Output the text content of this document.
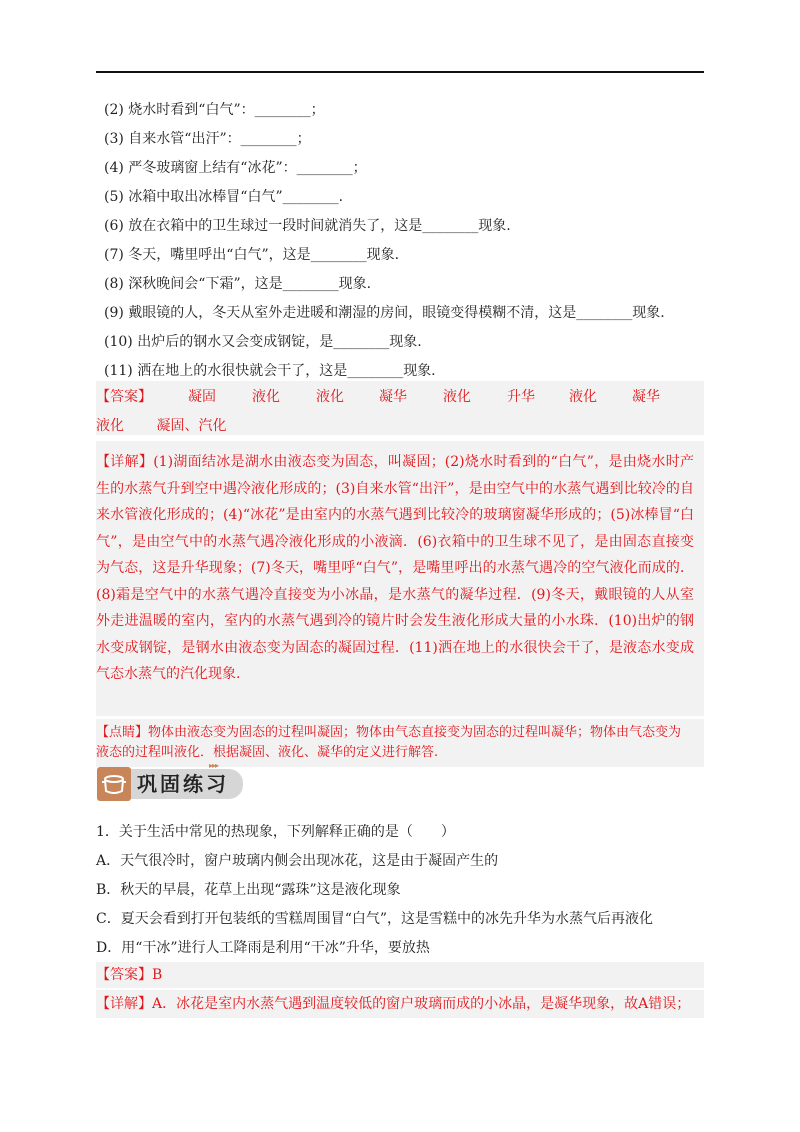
(2) 烧水时看到“白气”：________；
(3) 自来水管“出汗”：________；
(4) 严冬玻璃窗上结有“冰花”：________；
(5) 冰箱中取出冰棒冒“白气”________.
(6) 放在衣箱中的卫生球过一段时间就消失了，这是________现象.
(7) 冬天，嘴里呼出“白气”，这是________现象.
(8) 深秋晚间会“下霜”，这是________现象.
(9) 戴眼镜的人，冬天从室外走进暖和潮湿的房间，眼镜变得模糊不清，这是________现象.
(10) 出炉后的钢水又会变成钢锭，是________现象.
(11) 洒在地上的水很快就会干了，这是________现象.
【答案】	凝固	液化	液化	凝华	液化	升华 液化	凝华
液化 凝固、汽化

【详解】(1)湖面结冰是湖水由液态变为固态，叫凝固；(2)烧水时看到的“白气”，是由烧水时产生的水蒸气升到空中遇冷液化形成的；(3)自来水管“出汗”，是由空气中的水蒸气遇到比较冷的自来水管液化形成的；(4)“冰花”是由室内的水蒸气遇到比较冷的玻璃窗凝华形成的；(5)冰棒冒“白气”，是由空气中的水蒸气遇冷液化形成的小液滴．(6)衣箱中的卫生球不见了，是由固态直接变为气态，这是升华现象；(7)冬天，嘴里呼“白气”，是嘴里呼出的水蒸气遇冷的空气液化而成的．(8)霜是空气中的水蒸气遇冷直接变为小冰晶，是水蒸气的凝华过程．(9)冬天，戴眼镜的人从室外走进温暖的室内，室内的水蒸气遇到冷的镜片时会发生液化形成大量的小水珠．(10)出炉的钢水变成钢锭，是钢水由液态变为固态的凝固过程．(11)洒在地上的水很快会干了，是液态水变成气态水蒸气的汽化现象.

【点睛】物体由液态变为固态的过程叫凝固；物体由气态直接变为固态的过程叫凝华；物体由气态变为液态的过程叫液化．根据凝固、液化、凝华的定义进行解答.

巩固练习
▸▸▸
1．关于生活中常见的热现象，下列解释正确的是（　　）
A．天气很冷时，窗户玻璃内侧会出现冰花，这是由于凝固产生的
B．秋天的早晨，花草上出现“露珠”这是液化现象
C．夏天会看到打开包装纸的雪糕周围冒“白气”，这是雪糕中的冰先升华为水蒸气后再液化
D．用“干冰”进行人工降雨是利用“干冰”升华，要放热
【答案】B
【详解】A．冰花是室内水蒸气遇到温度较低的窗户玻璃而成的小冰晶，是凝华现象，故A错误；
